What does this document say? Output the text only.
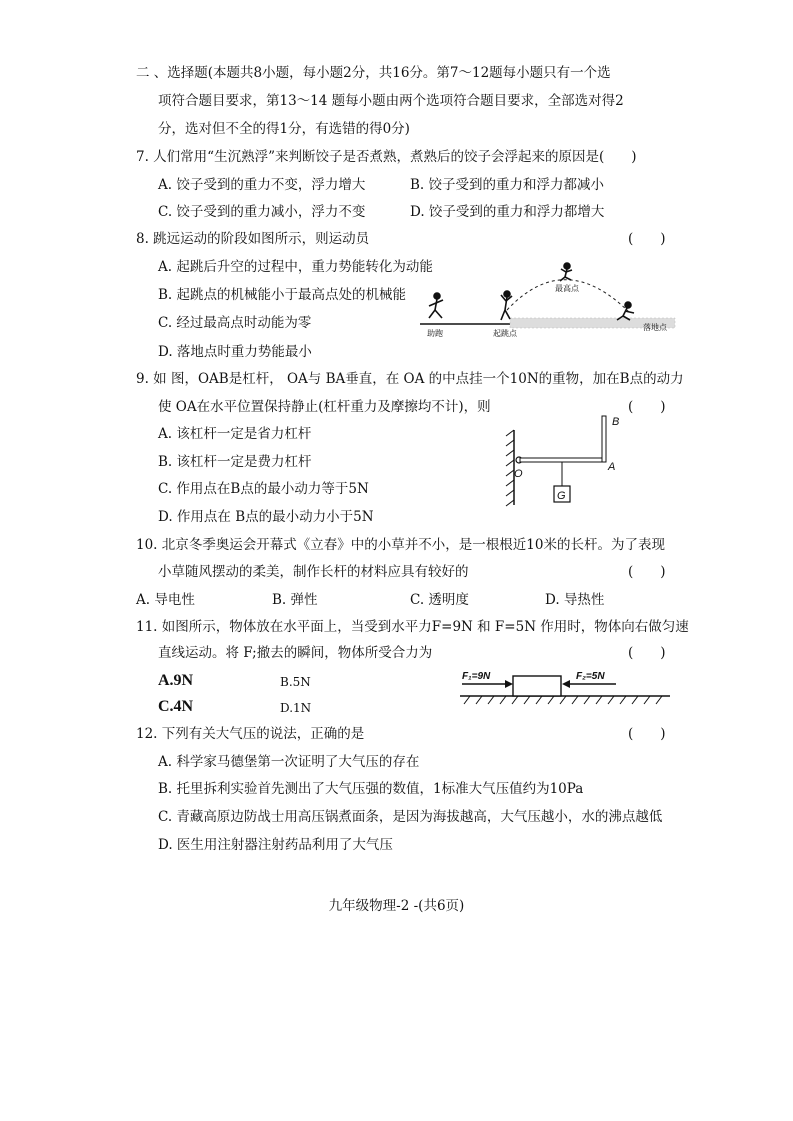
二 、选择题(本题共8小题，每小题2分，共16分。第7～12题每小题只有一个选
项符合题目要求，第13～14 题每小题由两个选项符合题目要求，全部选对得2
分，选对但不全的得1分，有选错的得0分)
7. 人们常用“生沉熟浮”来判断饺子是否煮熟，煮熟后的饺子会浮起来的原因是(　　)
A. 饺子受到的重力不变，浮力增大	B. 饺子受到的重力和浮力都减小
C. 饺子受到的重力减小，浮力不变	D. 饺子受到的重力和浮力都增大
8. 跳远运动的阶段如图所示，则运动员	(　　)
A. 起跳后升空的过程中，重力势能转化为动能
B. 起跳点的机械能小于最高点处的机械能
C. 经过最高点时动能为零
D. 落地点时重力势能最小
助跑	起跳点
最高点
落地点
9. 如 图，OAB是杠杆， OA与 BA垂直，在 OA 的中点挂一个10N的重物，加在B点的动力
使 OA在水平位置保持静止(杠杆重力及摩擦均不计)，则	(　　)
A. 该杠杆一定是省力杠杆
B. 该杠杆一定是费力杠杆
C. 作用点在B点的最小动力等于5N
D. 作用点在 B点的最小动力小于5N
G
O
A
B
10. 北京冬季奥运会开幕式《立春》中的小草并不小，是一根根近10米的长杆。为了表现
小草随风摆动的柔美，制作长杆的材料应具有较好的	(　　)
A. 导电性	B. 弹性	C. 透明度	D. 导热性
11. 如图所示，物体放在水平面上，当受到水平力F=9N 和 F=5N 作用时，物体向右做匀速
直线运动。将 F;撤去的瞬间，物体所受合力为	(　　)
A.9N	B.5N
C.4N	D.1N
F₁=9N	F₂=5N
12. 下列有关大气压的说法，正确的是	(　　)
A. 科学家马德堡第一次证明了大气压的存在
B. 托里拆利实验首先测出了大气压强的数值，1标准大气压值约为10Pa
C. 青藏高原边防战士用高压锅煮面条，是因为海拔越高，大气压越小，水的沸点越低
D. 医生用注射器注射药品利用了大气压
九年级物理-2 -(共6页)
